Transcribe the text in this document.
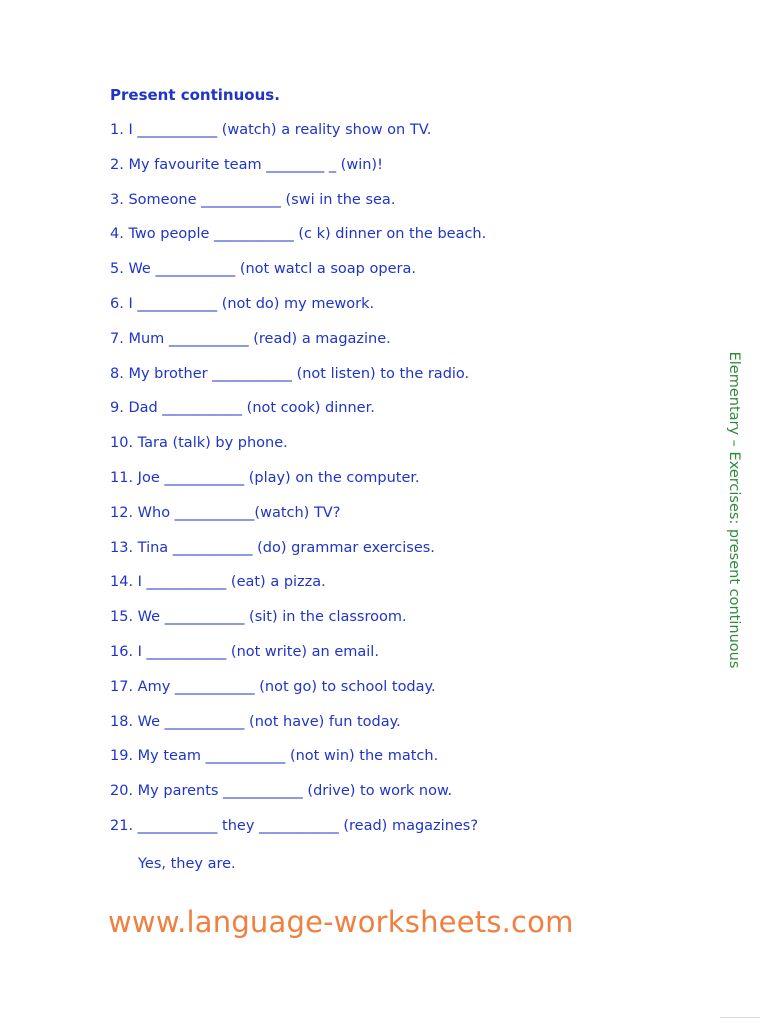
Present continuous.
1. I ___________ (watch) a reality show on TV.
2. My favourite team ________ _ (win)!
3. Someone ___________ (swi in the sea.
4. Two people ___________ (c k) dinner on the beach.
5. We ___________ (not watcl a soap opera.
6. I ___________ (not do) my mework.
7. Mum ___________ (read) a magazine.
8. My brother ___________ (not listen) to the radio.
9. Dad ___________ (not cook) dinner.
10. Tara (talk) by phone.
11. Joe ___________ (play) on the computer.
12. Who ___________(watch) TV?
13. Tina ___________ (do) grammar exercises.
14. I ___________ (eat) a pizza.
15. We ___________ (sit) in the classroom.
16. I ___________ (not write) an email.
17. Amy ___________ (not go) to school today.
18. We ___________ (not have) fun today.
19. My team ___________ (not win) the match.
20. My parents ___________ (drive) to work now.
21. ___________ they ___________ (read) magazines?
Yes, they are.
Elementary – Exercises: present continuous
www.language-worksheets.com
